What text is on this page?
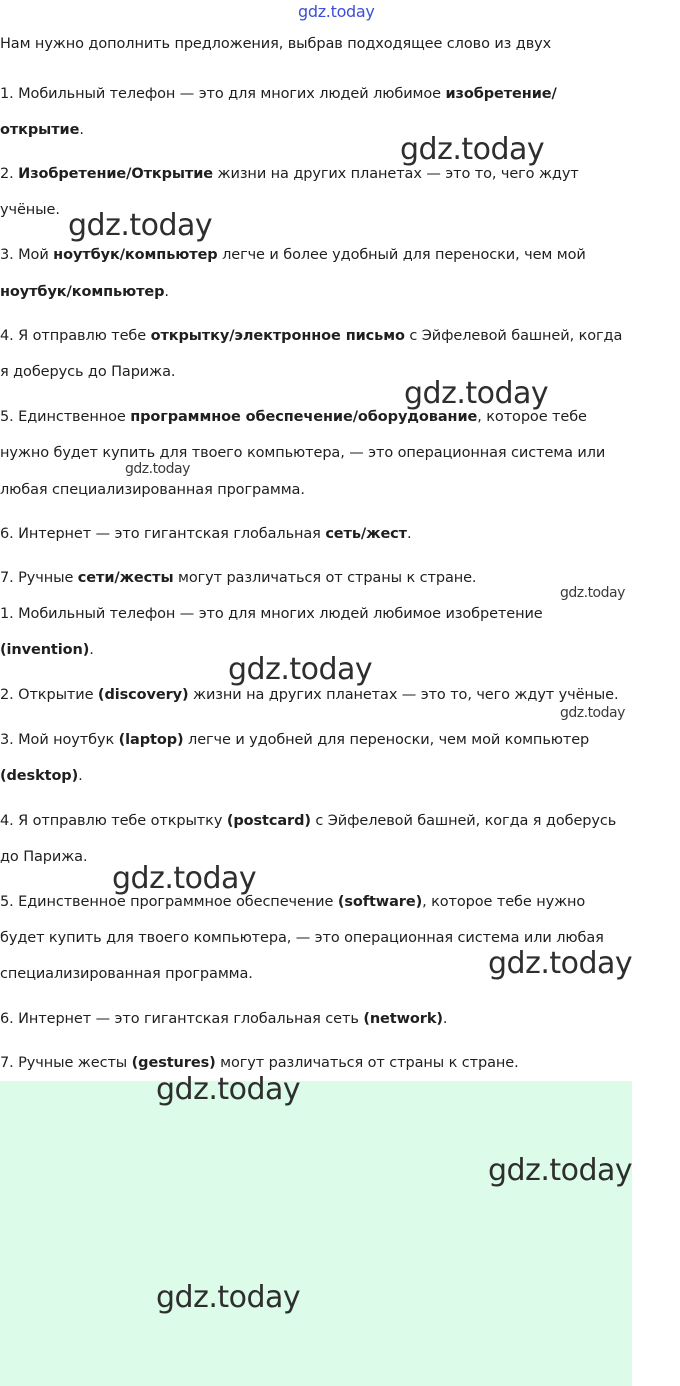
gdz.today
Нам нужно дополнить предложения, выбрав подходящее слово из двух
1. Мобильный телефон — это для многих людей любимое изобретение/
открытие.
2. Изобретение/Открытие жизни на других планетах — это то, чего ждут
учёные.
3. Мой ноутбук/компьютер легче и более удобный для переноски, чем мой
ноутбук/компьютер.
4. Я отправлю тебе открытку/электронное письмо с Эйфелевой башней, когда
я доберусь до Парижа.
5. Единственное программное обеспечение/оборудование, которое тебе
нужно будет купить для твоего компьютера, — это операционная система или
любая специализированная программа.
6. Интернет — это гигантская глобальная сеть/жест.
7. Ручные сети/жесты могут различаться от страны к стране.
1. Мобильный телефон — это для многих людей любимое изобретение
(invention).
2. Открытие (discovery) жизни на других планетах — это то, чего ждут учёные.
3. Мой ноутбук (laptop) легче и удобней для переноски, чем мой компьютер
(desktop).
4. Я отправлю тебе открытку (postcard) с Эйфелевой башней, когда я доберусь
до Парижа.
5. Единственное программное обеспечение (software), которое тебе нужно
будет купить для твоего компьютера, — это операционная система или любая
специализированная программа.
6. Интернет — это гигантская глобальная сеть (network).
7. Ручные жесты (gestures) могут различаться от страны к стране.
gdz.today
gdz.today
gdz.today
gdz.today
gdz.today
gdz.today
gdz.today
gdz.today
gdz.today
gdz.today
gdz.today
gdz.today
